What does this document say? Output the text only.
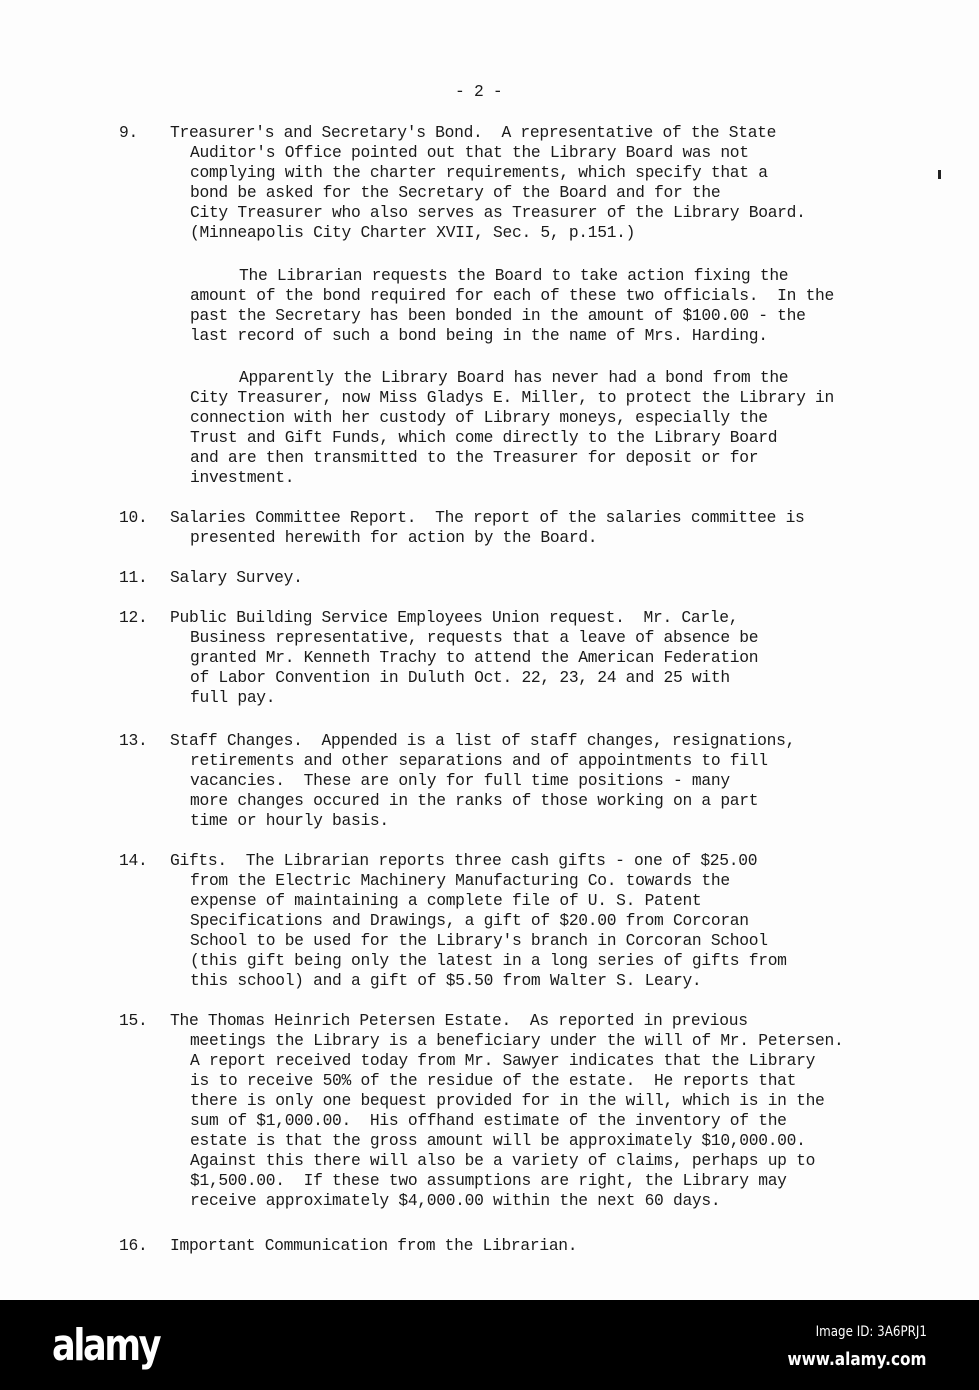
- 2 -
9. Treasurer's and Secretary's Bond.  A representative of the State
Auditor's Office pointed out that the Library Board was not
complying with the charter requirements, which specify that a
bond be asked for the Secretary of the Board and for the
City Treasurer who also serves as Treasurer of the Library Board.
(Minneapolis City Charter XVII, Sec. 5, p.151.)
The Librarian requests the Board to take action fixing the
amount of the bond required for each of these two officials.  In the
past the Secretary has been bonded in the amount of $100.00 - the
last record of such a bond being in the name of Mrs. Harding.
Apparently the Library Board has never had a bond from the
City Treasurer, now Miss Gladys E. Miller, to protect the Library in
connection with her custody of Library moneys, especially the
Trust and Gift Funds, which come directly to the Library Board
and are then transmitted to the Treasurer for deposit or for
investment.
10. Salaries Committee Report.  The report of the salaries committee is
presented herewith for action by the Board.
11. Salary Survey.
12. Public Building Service Employees Union request.  Mr. Carle,
Business representative, requests that a leave of absence be
granted Mr. Kenneth Trachy to attend the American Federation
of Labor Convention in Duluth Oct. 22, 23, 24 and 25 with
full pay.
13. Staff Changes.  Appended is a list of staff changes, resignations,
retirements and other separations and of appointments to fill
vacancies.  These are only for full time positions - many
more changes occured in the ranks of those working on a part
time or hourly basis.
14. Gifts.  The Librarian reports three cash gifts - one of $25.00
from the Electric Machinery Manufacturing Co. towards the
expense of maintaining a complete file of U. S. Patent
Specifications and Drawings, a gift of $20.00 from Corcoran
School to be used for the Library's branch in Corcoran School
(this gift being only the latest in a long series of gifts from
this school) and a gift of $5.50 from Walter S. Leary.
15. The Thomas Heinrich Petersen Estate.  As reported in previous
meetings the Library is a beneficiary under the will of Mr. Petersen.
A report received today from Mr. Sawyer indicates that the Library
is to receive 50% of the residue of the estate.  He reports that
there is only one bequest provided for in the will, which is in the
sum of $1,000.00.  His offhand estimate of the inventory of the
estate is that the gross amount will be approximately $10,000.00.
Against this there will also be a variety of claims, perhaps up to
$1,500.00.  If these two assumptions are right, the Library may
receive approximately $4,000.00 within the next 60 days.
16. Important Communication from the Librarian.
alamy	Image ID: 3A6PRJ1
www.alamy.com
